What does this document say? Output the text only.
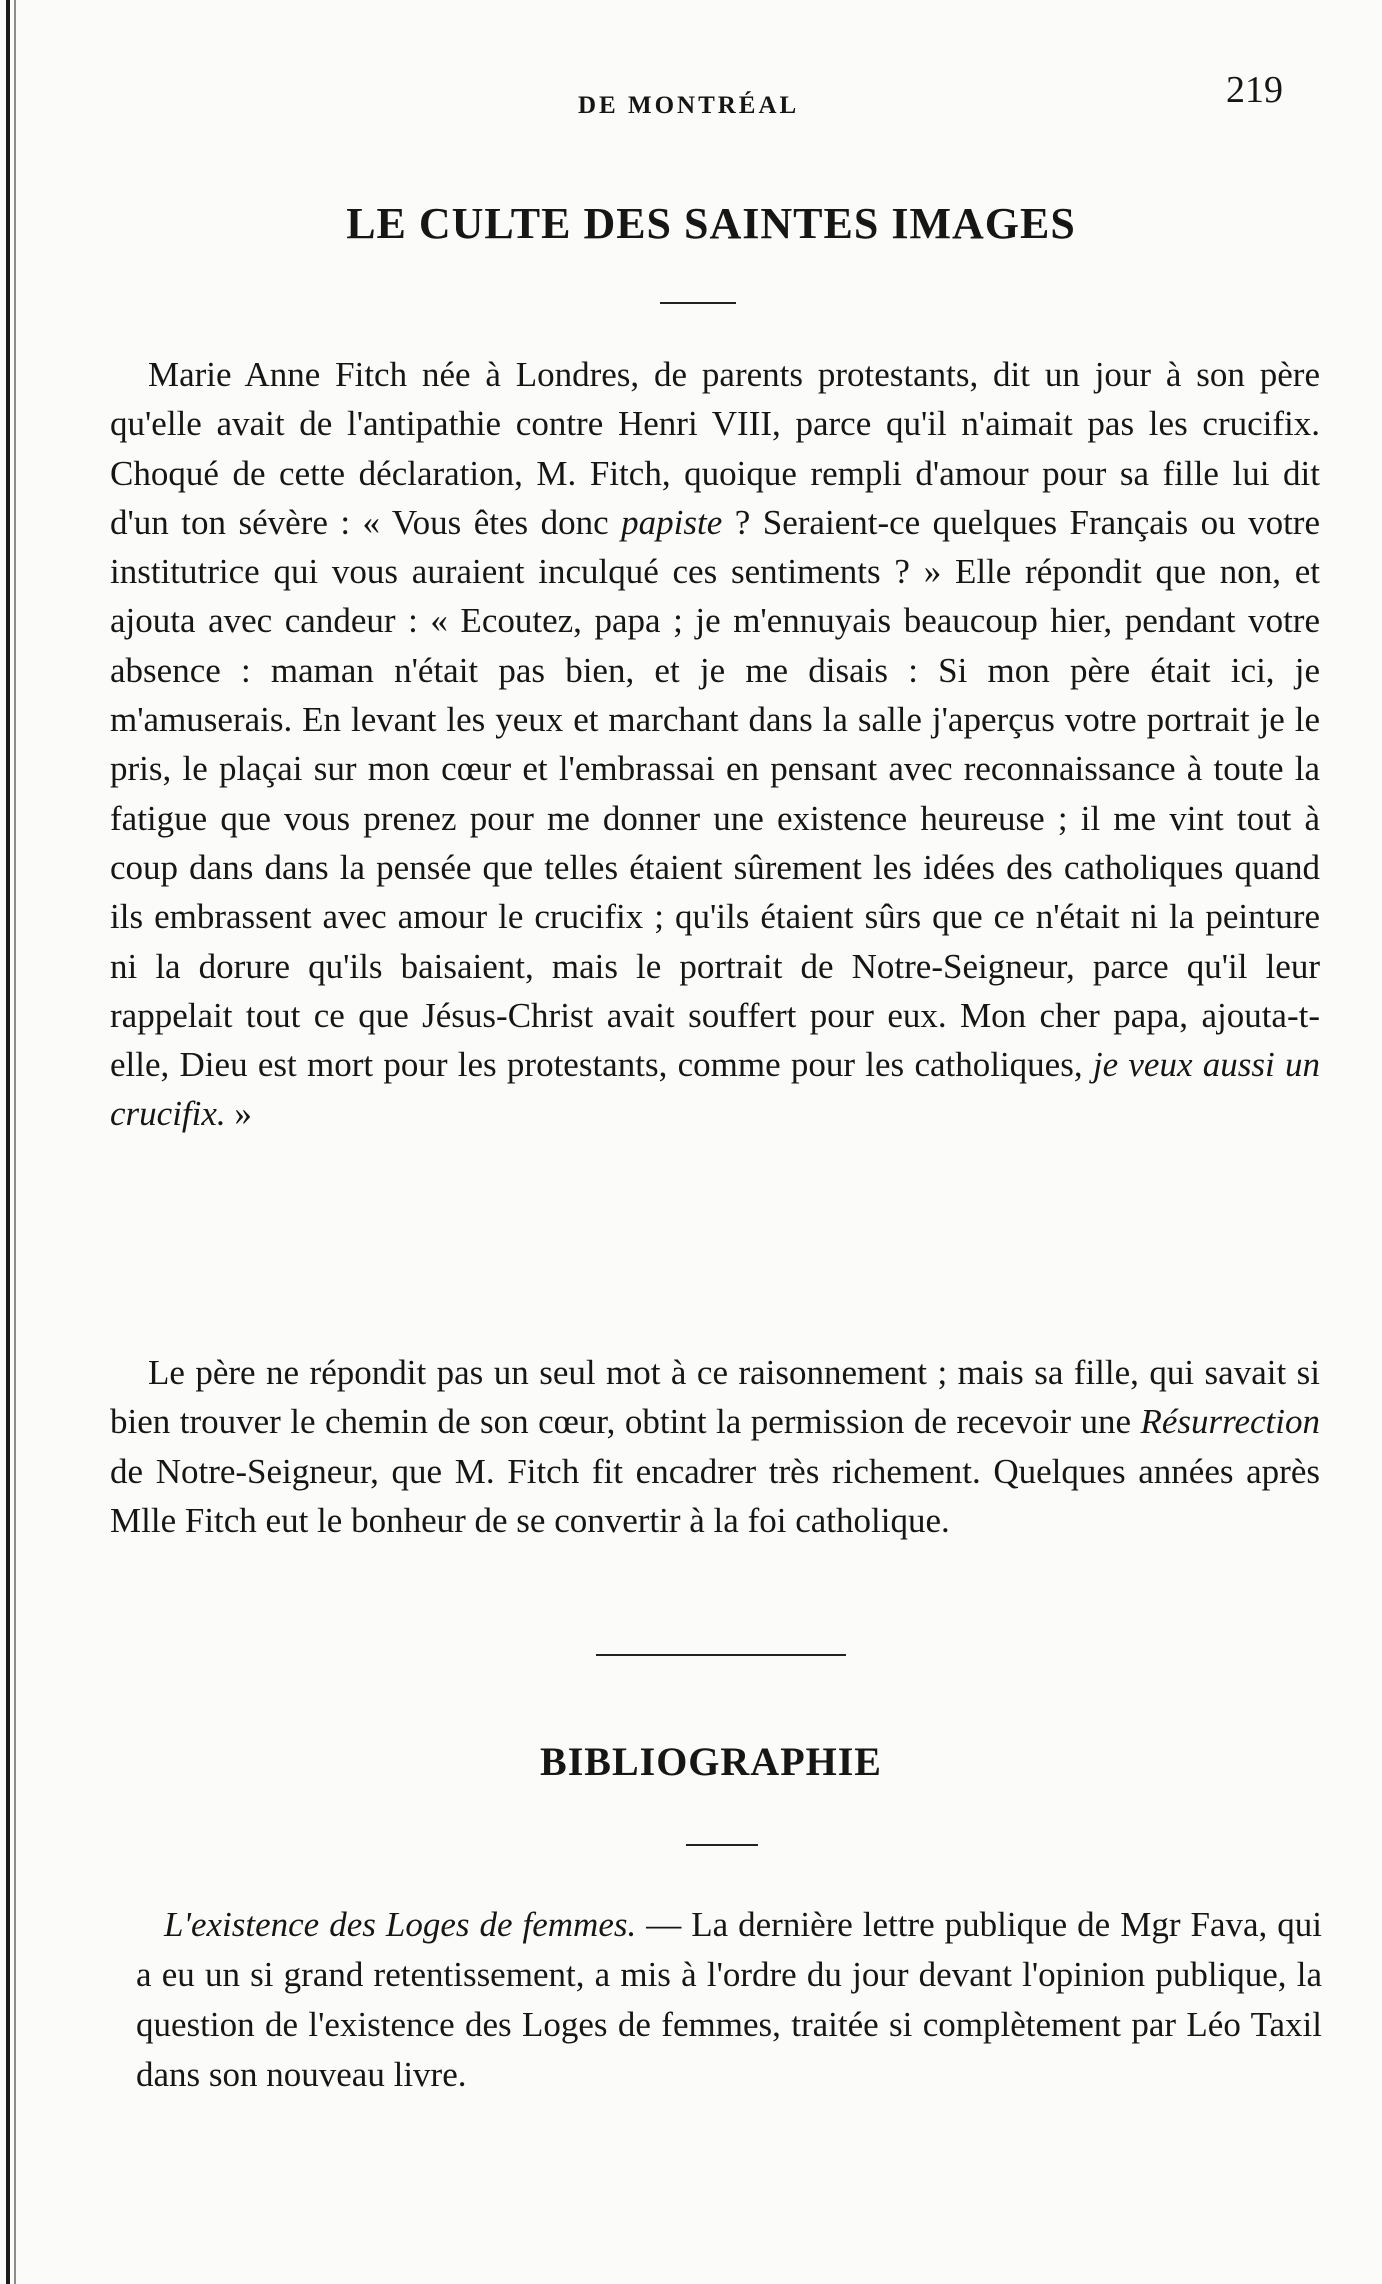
DE MONTRÉAL	219
LE CULTE DES SAINTES IMAGES

Marie Anne Fitch née à Londres, de parents protestants, dit un jour à son père qu'elle avait de l'antipathie contre Henri VIII, parce qu'il n'aimait pas les crucifix. Choqué de cette déclaration, M. Fitch, quoique rempli d'amour pour sa fille lui dit d'un ton sévère : « Vous êtes donc papiste ? Seraient-ce quelques Français ou votre institutrice qui vous auraient inculqué ces sentiments ? » Elle répondit que non, et ajouta avec candeur : « Ecoutez, papa ; je m'ennuyais beaucoup hier, pendant votre absence : maman n'était pas bien, et je me disais : Si mon père était ici, je m'amuserais. En levant les yeux et marchant dans la salle j'aperçus votre portrait je le pris, le plaçai sur mon cœur et l'embrassai en pensant avec reconnaissance à toute la fatigue que vous prenez pour me donner une existence heureuse ; il me vint tout à coup dans dans la pensée que telles étaient sûrement les idées des catholiques quand ils embrassent avec amour le crucifix ; qu'ils étaient sûrs que ce n'était ni la peinture ni la dorure qu'ils baisaient, mais le portrait de Notre-Seigneur, parce qu'il leur rappelait tout ce que Jésus-Christ avait souffert pour eux. Mon cher papa, ajouta-t-elle, Dieu est mort pour les protestants, comme pour les catholiques, je veux aussi un crucifix. »

Le père ne répondit pas un seul mot à ce raisonnement ; mais sa fille, qui savait si bien trouver le chemin de son cœur, obtint la permission de recevoir une Résurrection de Notre-Seigneur, que M. Fitch fit encadrer très richement. Quelques années après Mlle Fitch eut le bonheur de se convertir à la foi catholique.

BIBLIOGRAPHIE

L'existence des Loges de femmes. — La dernière lettre publique de Mgr Fava, qui a eu un si grand retentissement, a mis à l'ordre du jour devant l'opinion publique, la question de l'existence des Loges de femmes, traitée si complètement par Léo Taxil dans son nouveau livre.
